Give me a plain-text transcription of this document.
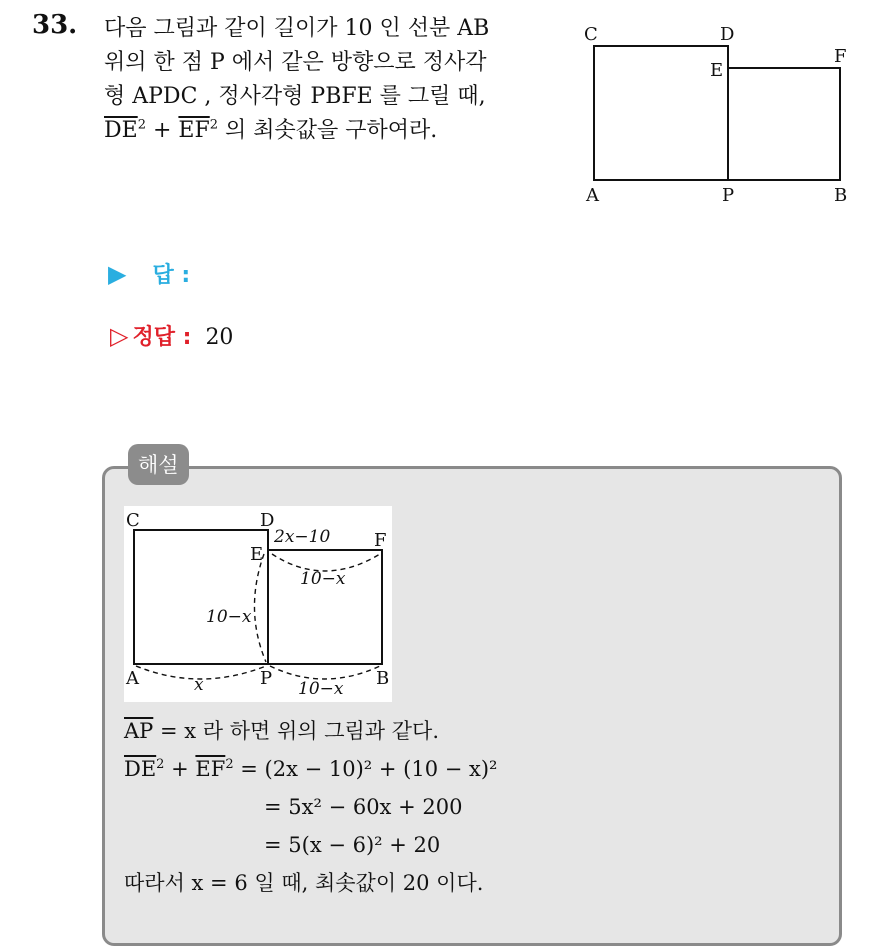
33. 다음 그림과 같이 길이가 10 인 선분 AB
위의 한 점 P 에서 같은 방향으로 정사각
형 APDC , 정사각형 PBFE 를 그릴 때,
$\overline{DE}^2 + \overline{EF}^2$ 의 최솟값을 구하여라.
C	D
E
F
A	P	B
▶ 답 :
▷ 정답 : 20
해설
C	D
E
F
A	P	B
2x−10
10−x
10−x
x	10−x
$\overline{AP} = x$ 라 하면 위의 그림과 같다.
$\overline{DE}^2 + \overline{EF}^2 = (2x - 10)^2 + (10 - x)^2$
= 5x² − 60x + 200
= 5(x − 6)² + 20
따라서 x = 6 일 때, 최솟값이 20 이다.
